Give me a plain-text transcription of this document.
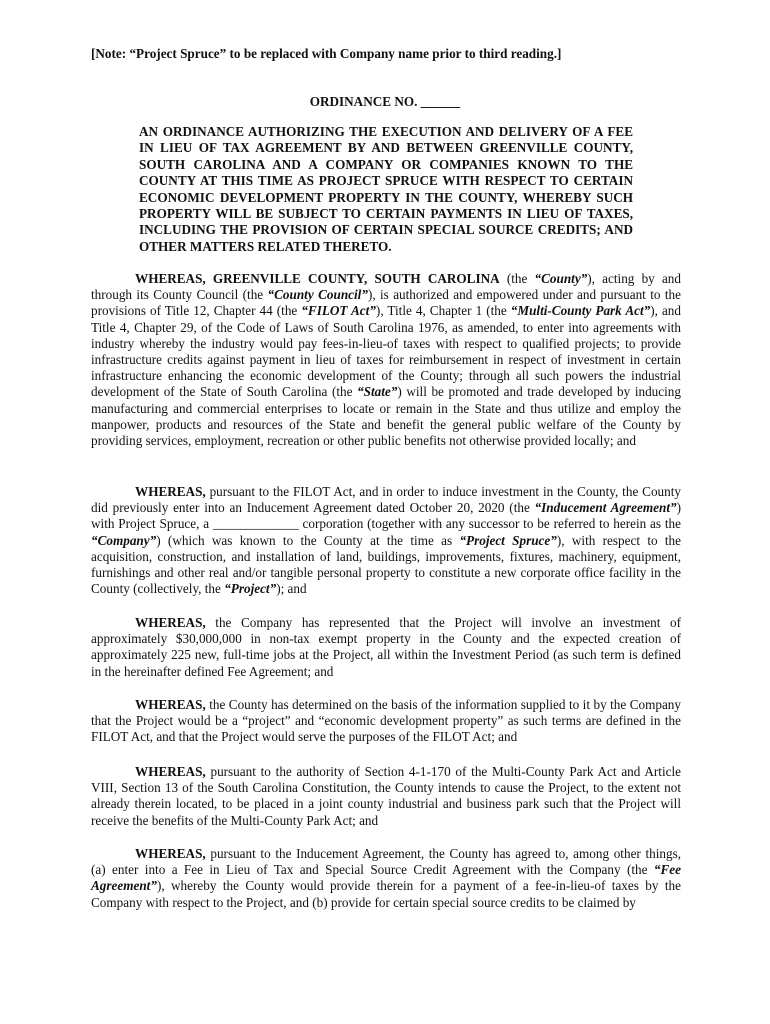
[Note: “Project Spruce” to be replaced with Company name prior to third reading.]
ORDINANCE NO. ______
AN ORDINANCE AUTHORIZING THE EXECUTION AND DELIVERY OF A FEE IN LIEU OF TAX AGREEMENT BY AND BETWEEN GREENVILLE COUNTY, SOUTH CAROLINA AND A COMPANY OR COMPANIES KNOWN TO THE COUNTY AT THIS TIME AS PROJECT SPRUCE WITH RESPECT TO CERTAIN ECONOMIC DEVELOPMENT PROPERTY IN THE COUNTY, WHEREBY SUCH PROPERTY WILL BE SUBJECT TO CERTAIN PAYMENTS IN LIEU OF TAXES, INCLUDING THE PROVISION OF CERTAIN SPECIAL SOURCE CREDITS; AND OTHER MATTERS RELATED THERETO.
WHEREAS, GREENVILLE COUNTY, SOUTH CAROLINA (the “County”), acting by and through its County Council (the “County Council”), is authorized and empowered under and pursuant to the provisions of Title 12, Chapter 44 (the “FILOT Act”), Title 4, Chapter 1 (the “Multi-County Park Act”), and Title 4, Chapter 29, of the Code of Laws of South Carolina 1976, as amended, to enter into agreements with industry whereby the industry would pay fees-in-lieu-of taxes with respect to qualified projects; to provide infrastructure credits against payment in lieu of taxes for reimbursement in respect of investment in certain infrastructure enhancing the economic development of the County; through all such powers the industrial development of the State of South Carolina (the “State”) will be promoted and trade developed by inducing manufacturing and commercial enterprises to locate or remain in the State and thus utilize and employ the manpower, products and resources of the State and benefit the general public welfare of the County by providing services, employment, recreation or other public benefits not otherwise provided locally; and
WHEREAS, pursuant to the FILOT Act, and in order to induce investment in the County, the County did previously enter into an Inducement Agreement dated October 20, 2020 (the “Inducement Agreement”) with Project Spruce, a _____________ corporation (together with any successor to be referred to herein as the “Company”) (which was known to the County at the time as “Project Spruce”), with respect to the acquisition, construction, and installation of land, buildings, improvements, fixtures, machinery, equipment, furnishings and other real and/or tangible personal property to constitute a new corporate office facility in the County (collectively, the “Project”); and
WHEREAS, the Company has represented that the Project will involve an investment of approximately $30,000,000 in non-tax exempt property in the County and the expected creation of approximately 225 new, full-time jobs at the Project, all within the Investment Period (as such term is defined in the hereinafter defined Fee Agreement; and
WHEREAS, the County has determined on the basis of the information supplied to it by the Company that the Project would be a “project” and “economic development property” as such terms are defined in the FILOT Act, and that the Project would serve the purposes of the FILOT Act; and
WHEREAS, pursuant to the authority of Section 4-1-170 of the Multi-County Park Act and Article VIII, Section 13 of the South Carolina Constitution, the County intends to cause the Project, to the extent not already therein located, to be placed in a joint county industrial and business park such that the Project will receive the benefits of the Multi-County Park Act; and
WHEREAS, pursuant to the Inducement Agreement, the County has agreed to, among other things, (a) enter into a Fee in Lieu of Tax and Special Source Credit Agreement with the Company (the “Fee Agreement”), whereby the County would provide therein for a payment of a fee-in-lieu-of taxes by the Company with respect to the Project, and (b) provide for certain special source credits to be claimed by
